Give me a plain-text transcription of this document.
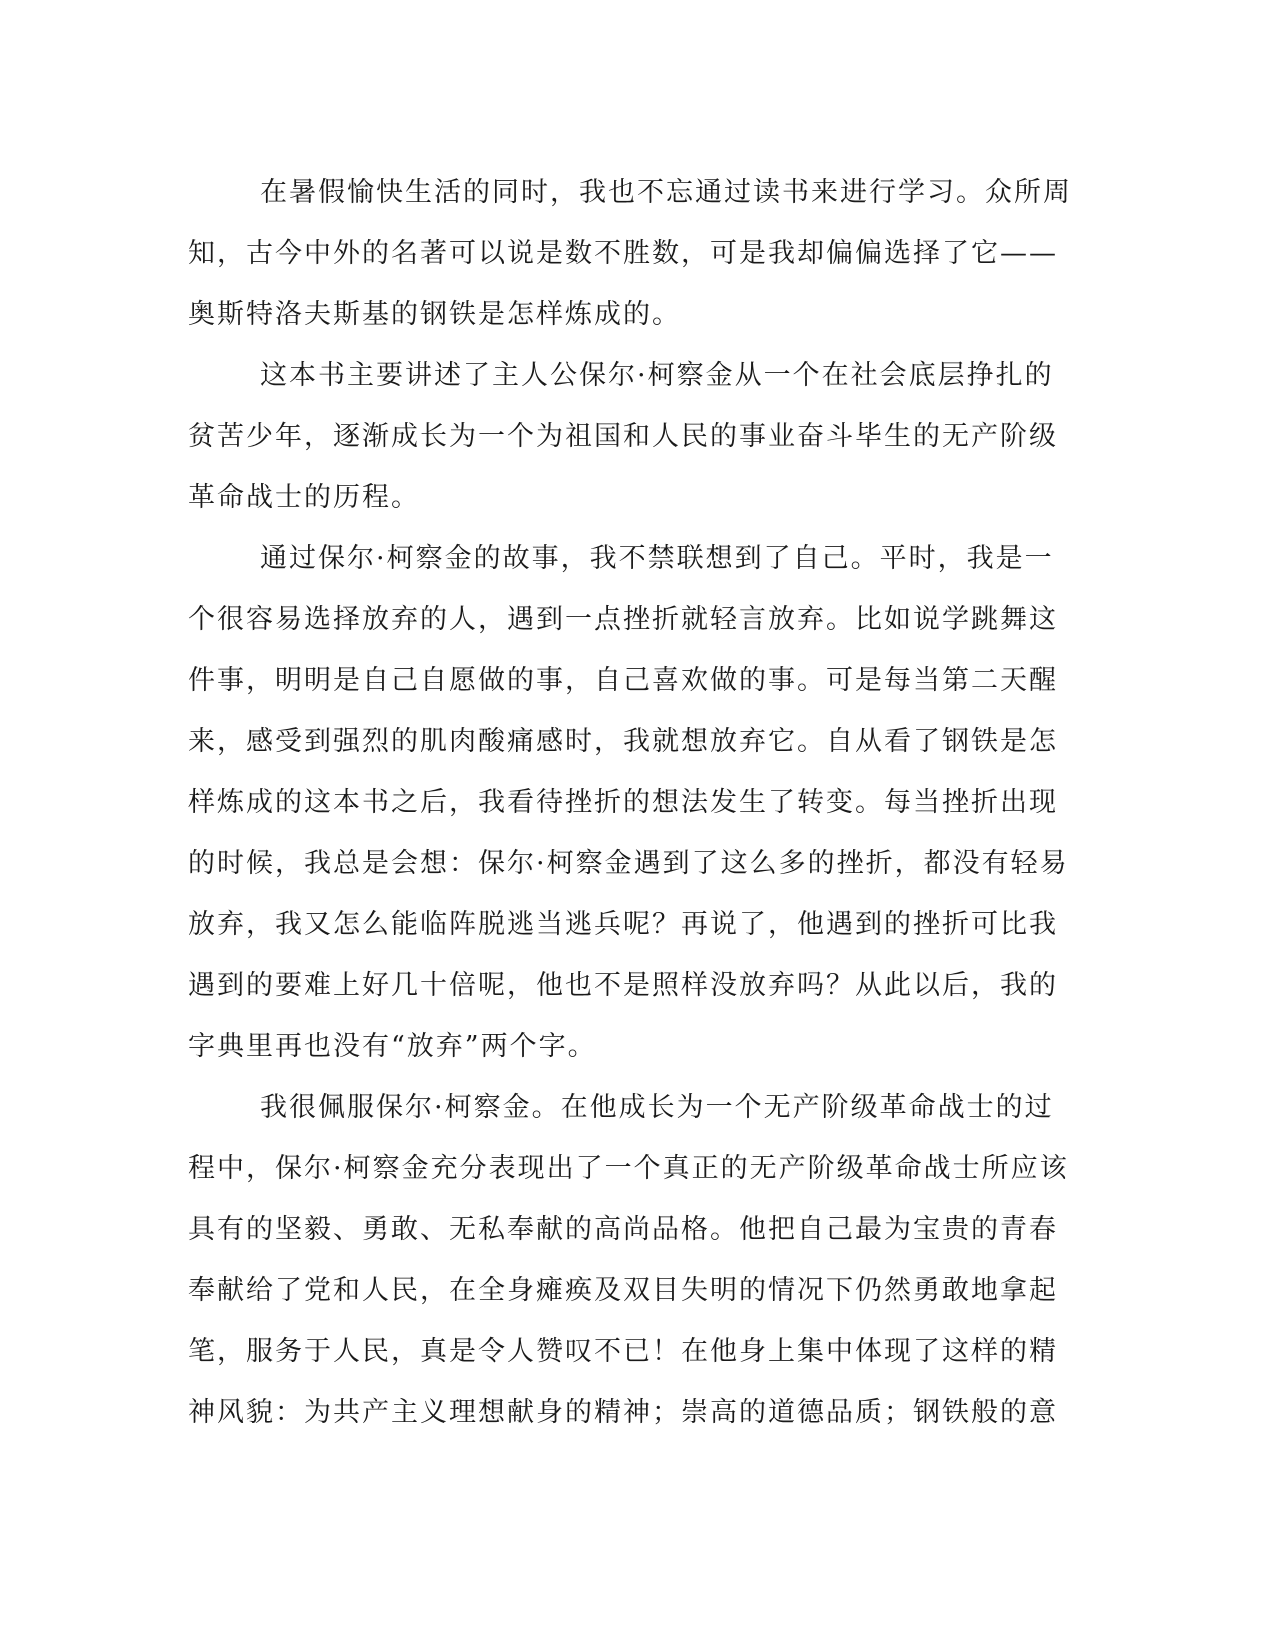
在暑假愉快生活的同时，我也不忘通过读书来进行学习。众所周
知，古今中外的名著可以说是数不胜数，可是我却偏偏选择了它——
奥斯特洛夫斯基的钢铁是怎样炼成的。
这本书主要讲述了主人公保尔·柯察金从一个在社会底层挣扎的
贫苦少年，逐渐成长为一个为祖国和人民的事业奋斗毕生的无产阶级
革命战士的历程。
通过保尔·柯察金的故事，我不禁联想到了自己。平时，我是一
个很容易选择放弃的人，遇到一点挫折就轻言放弃。比如说学跳舞这
件事，明明是自己自愿做的事，自己喜欢做的事。可是每当第二天醒
来，感受到强烈的肌肉酸痛感时，我就想放弃它。自从看了钢铁是怎
样炼成的这本书之后，我看待挫折的想法发生了转变。每当挫折出现
的时候，我总是会想：保尔·柯察金遇到了这么多的挫折，都没有轻易
放弃，我又怎么能临阵脱逃当逃兵呢？再说了，他遇到的挫折可比我
遇到的要难上好几十倍呢，他也不是照样没放弃吗？从此以后，我的
字典里再也没有“放弃”两个字。
我很佩服保尔·柯察金。在他成长为一个无产阶级革命战士的过
程中，保尔·柯察金充分表现出了一个真正的无产阶级革命战士所应该
具有的坚毅、勇敢、无私奉献的高尚品格。他把自己最为宝贵的青春
奉献给了党和人民，在全身瘫痪及双目失明的情况下仍然勇敢地拿起
笔，服务于人民，真是令人赞叹不已！在他身上集中体现了这样的精
神风貌：为共产主义理想献身的精神；崇高的道德品质；钢铁般的意
